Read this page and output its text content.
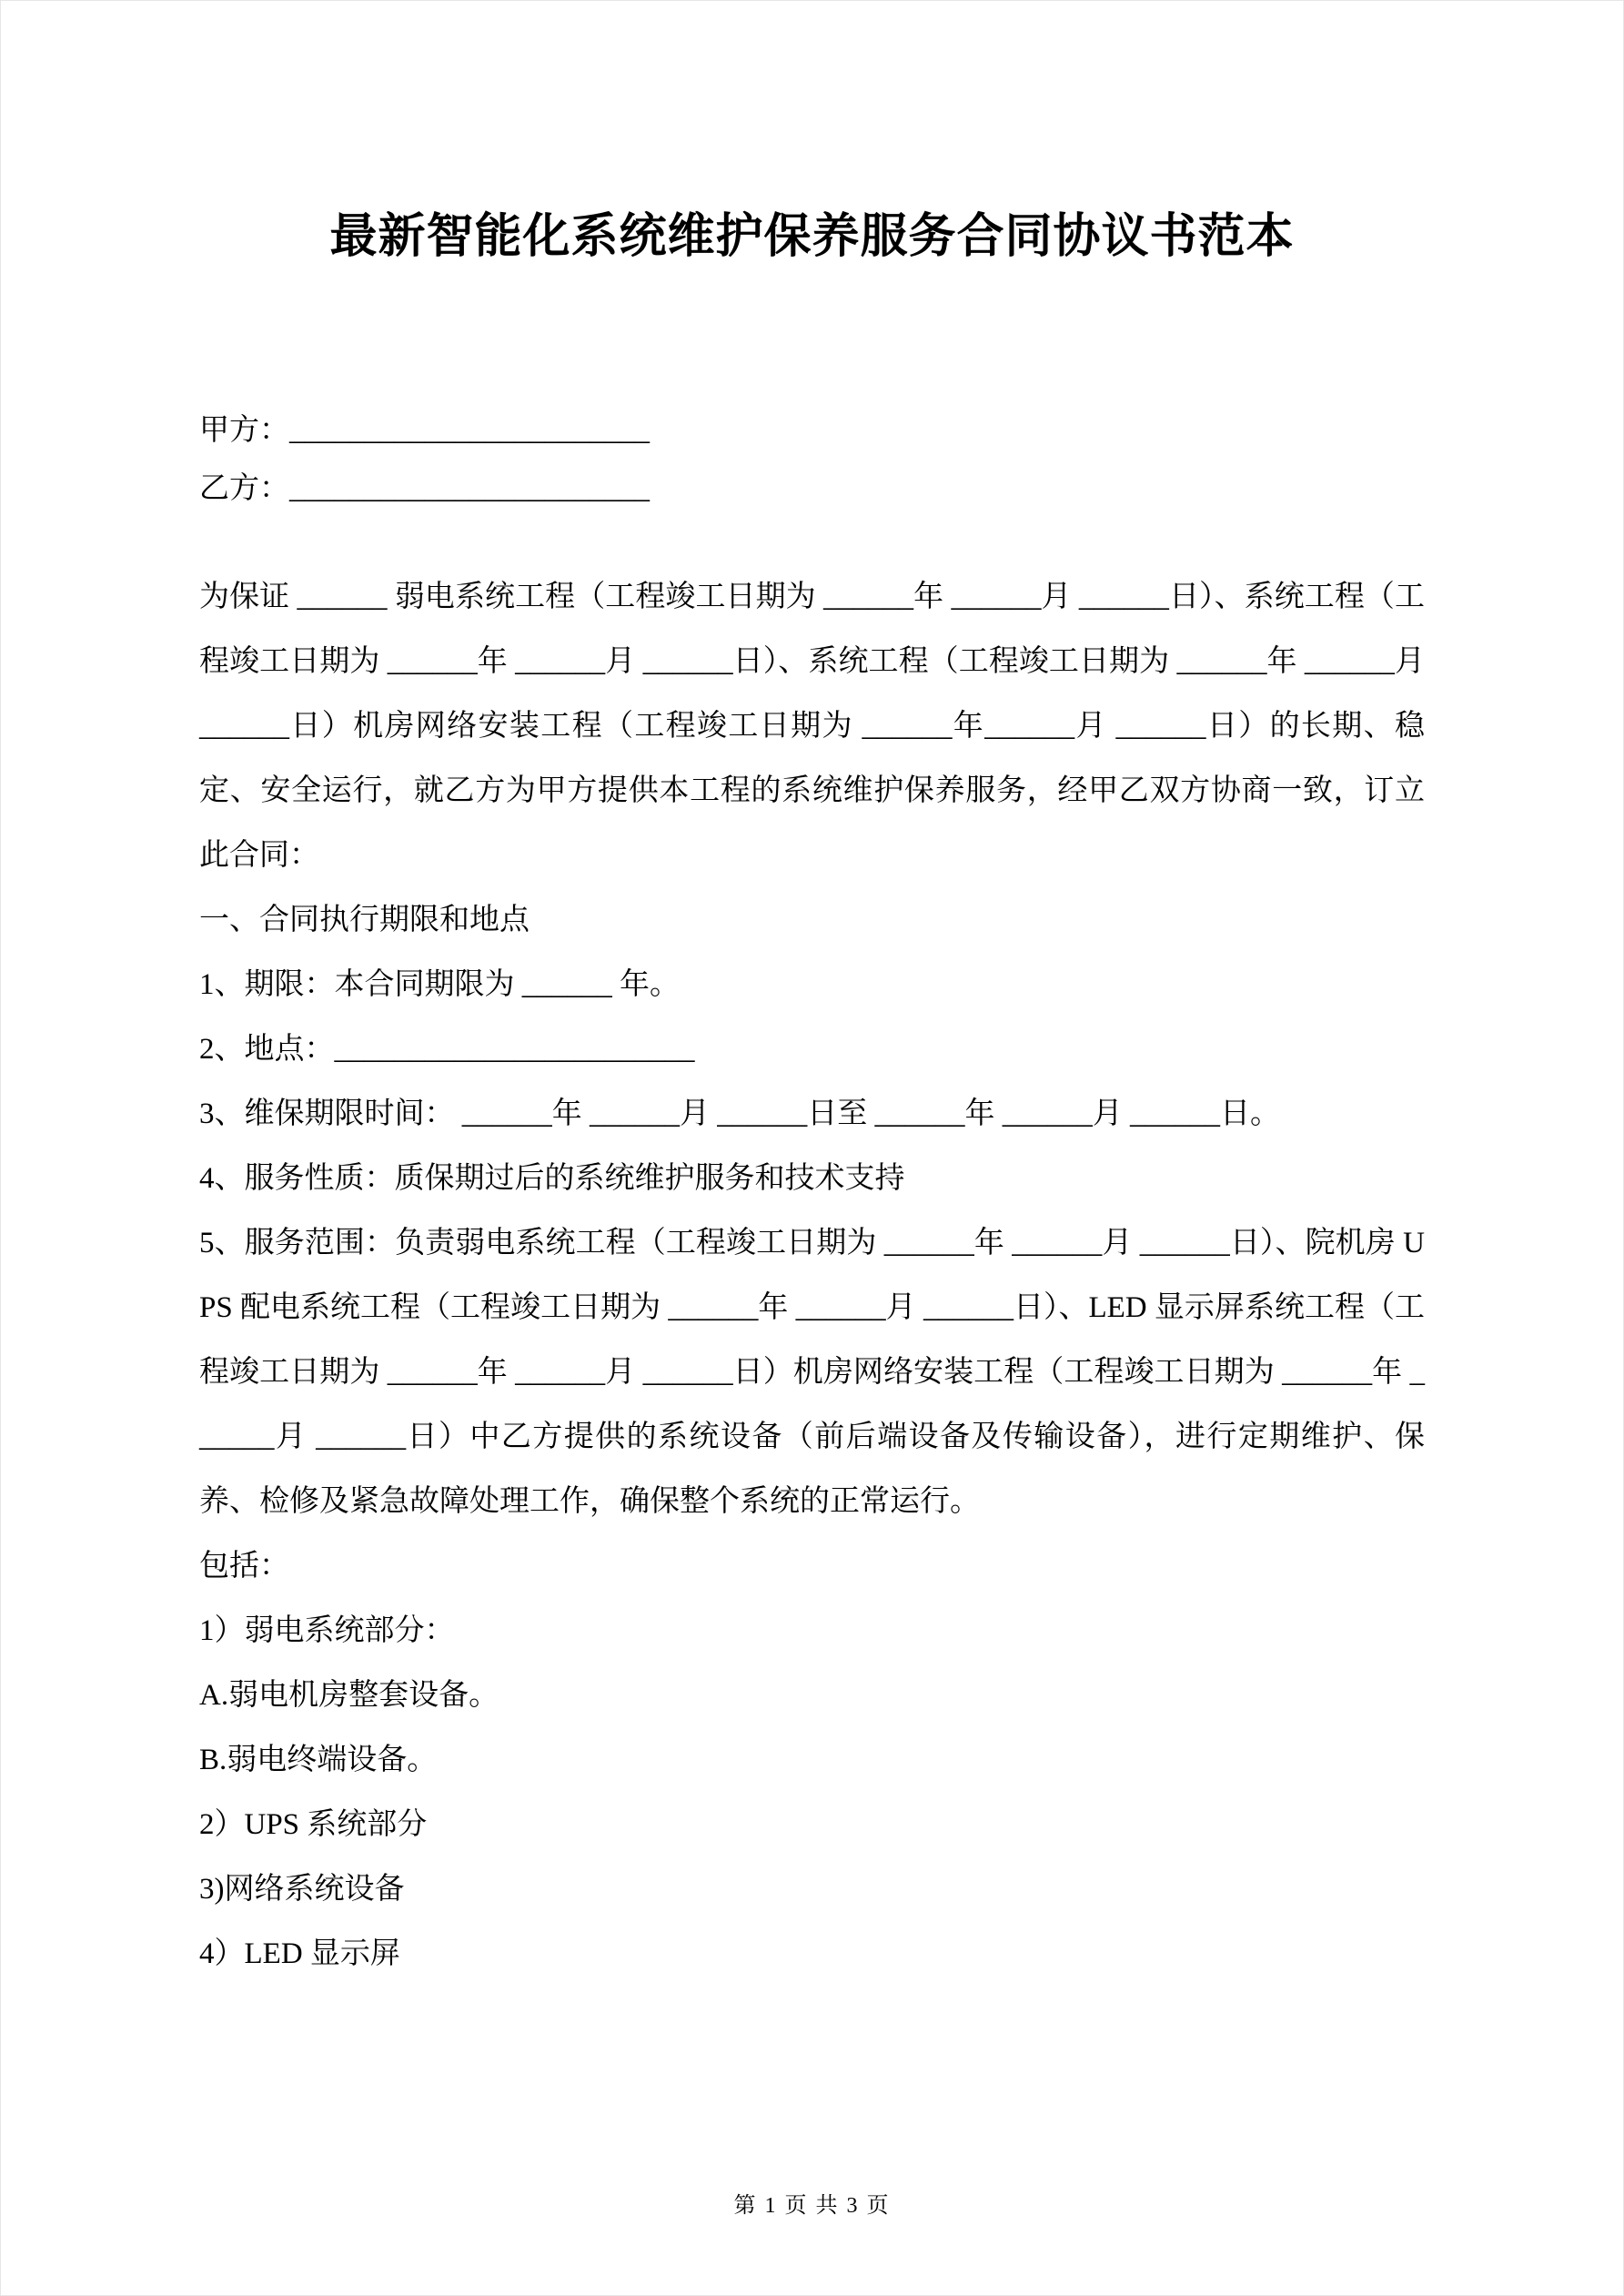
最新智能化系统维护保养服务合同协议书范本

甲方：________________________

乙方：________________________

为保证 ______ 弱电系统工程（工程竣工日期为 ______年 ______月 ______日）、系统工程（工程竣工日期为 ______年 ______月 ______日）、系统工程（工程竣工日期为 ______年 ______月 ______日）机房网络安装工程（工程竣工日期为 ______年______月 ______日）的长期、稳定、安全运行，就乙方为甲方提供本工程的系统维护保养服务，经甲乙双方协商一致，订立此合同：

一、合同执行期限和地点

1、期限：本合同期限为 ______ 年。

2、地点：________________________

3、维保期限时间： ______年 ______月 ______日至 ______年 ______月 ______日。

4、服务性质：质保期过后的系统维护服务和技术支持

5、服务范围：负责弱电系统工程（工程竣工日期为 ______年 ______月 ______日）、院机房 UPS 配电系统工程（工程竣工日期为 ______年 ______月 ______日）、LED 显示屏系统工程（工程竣工日期为 ______年 ______月 ______日）机房网络安装工程（工程竣工日期为 ______年 ______月 ______日）中乙方提供的系统设备（前后端设备及传输设备），进行定期维护、保养、检修及紧急故障处理工作，确保整个系统的正常运行。

包括：

1）弱电系统部分：

A.弱电机房整套设备。

B.弱电终端设备。

2）UPS 系统部分

3)网络系统设备

4）LED 显示屏

第 1 页 共 3 页
